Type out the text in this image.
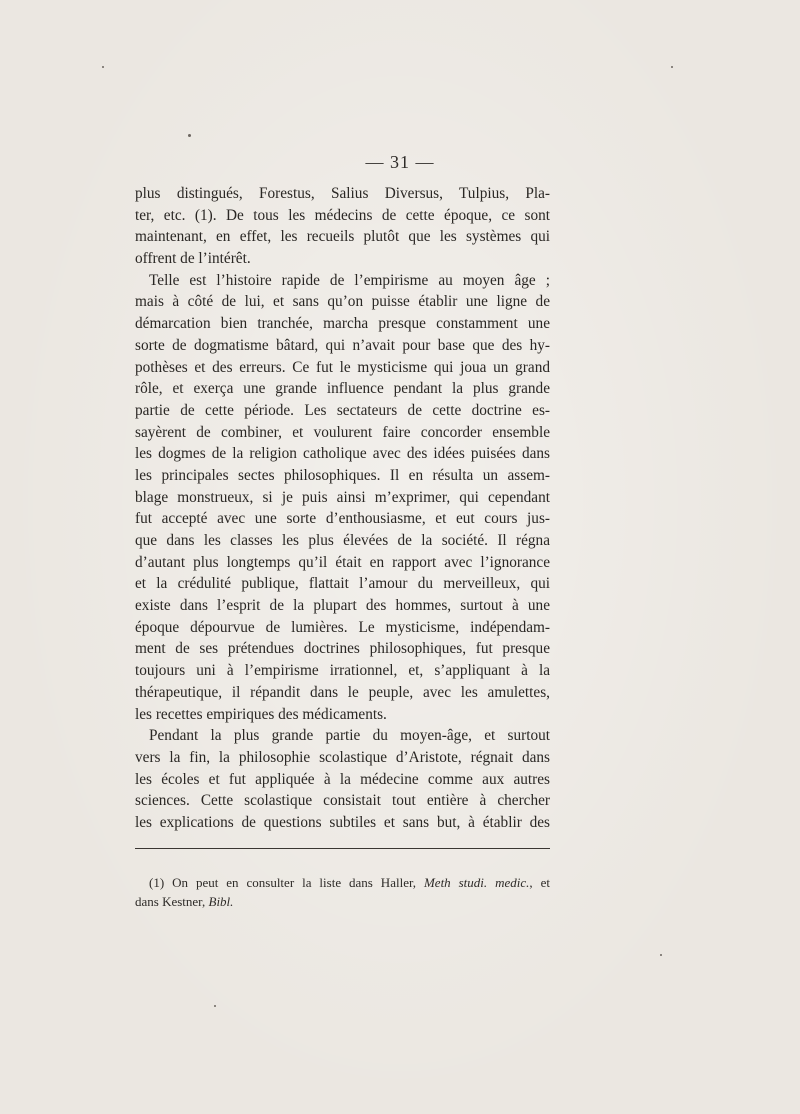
— 31 —
plus distingués, Forestus, Salius Diversus, Tulpius, Pla-
ter, etc. (1). De tous les médecins de cette époque, ce sont
maintenant, en effet, les recueils plutôt que les systèmes qui
offrent de l’intérêt.
Telle est l’histoire rapide de l’empirisme au moyen âge ;
mais à côté de lui, et sans qu’on puisse établir une ligne de
démarcation bien tranchée, marcha presque constamment une
sorte de dogmatisme bâtard, qui n’avait pour base que des hy-
pothèses et des erreurs. Ce fut le mysticisme qui joua un grand
rôle, et exerça une grande influence pendant la plus grande
partie de cette période. Les sectateurs de cette doctrine es-
sayèrent de combiner, et voulurent faire concorder ensemble
les dogmes de la religion catholique avec des idées puisées dans
les principales sectes philosophiques. Il en résulta un assem-
blage monstrueux, si je puis ainsi m’exprimer, qui cependant
fut accepté avec une sorte d’enthousiasme, et eut cours jus-
que dans les classes les plus élevées de la société. Il régna
d’autant plus longtemps qu’il était en rapport avec l’ignorance
et la crédulité publique, flattait l’amour du merveilleux, qui
existe dans l’esprit de la plupart des hommes, surtout à une
époque dépourvue de lumières. Le mysticisme, indépendam-
ment de ses prétendues doctrines philosophiques, fut presque
toujours uni à l’empirisme irrationnel, et, s’appliquant à la
thérapeutique, il répandit dans le peuple, avec les amulettes,
les recettes empiriques des médicaments.
Pendant la plus grande partie du moyen-âge, et surtout
vers la fin, la philosophie scolastique d’Aristote, régnait dans
les écoles et fut appliquée à la médecine comme aux autres
sciences. Cette scolastique consistait tout entière à chercher
les explications de questions subtiles et sans but, à établir des
(1) On peut en consulter la liste dans Haller, Meth studi. medic., et
dans Kestner, Bibl.
